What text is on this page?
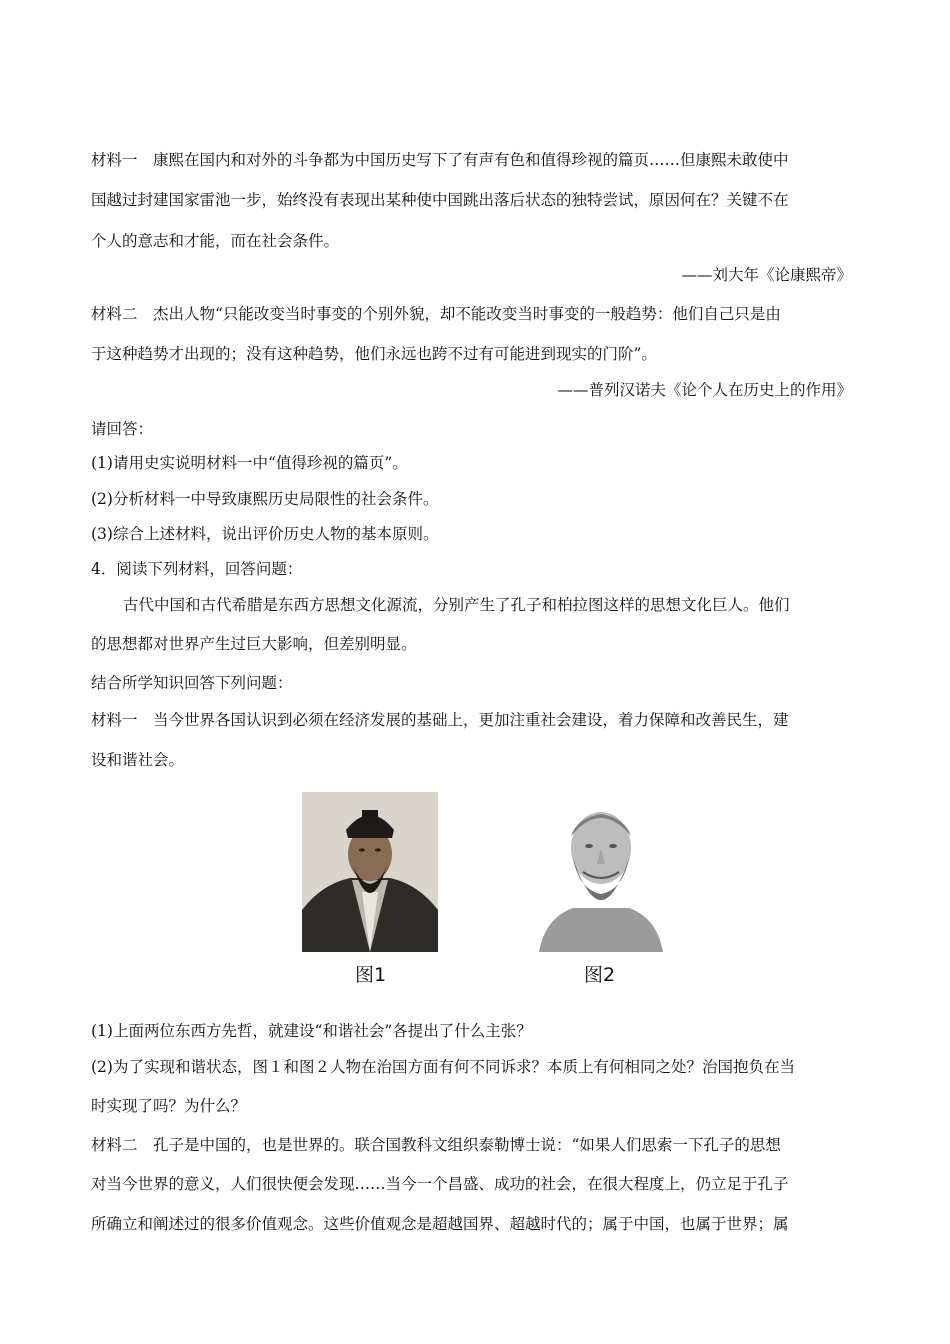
材料一　康熙在国内和对外的斗争都为中国历史写下了有声有色和值得珍视的篇页……但康熙未敢使中
国越过封建国家雷池一步，始终没有表现出某种使中国跳出落后状态的独特尝试，原因何在？关键不在
个人的意志和才能，而在社会条件。
——刘大年《论康熙帝》
材料二　杰出人物“只能改变当时事变的个别外貌，却不能改变当时事变的一般趋势：他们自己只是由
于这种趋势才出现的；没有这种趋势，他们永远也跨不过有可能进到现实的门阶”。
——普列汉诺夫《论个人在历史上的作用》
请回答：
(1)请用史实说明材料一中“值得珍视的篇页”。
(2)分析材料一中导致康熙历史局限性的社会条件。
(3)综合上述材料，说出评价历史人物的基本原则。
4．阅读下列材料，回答问题：
古代中国和古代希腊是东西方思想文化源流，分别产生了孔子和柏拉图这样的思想文化巨人。他们
的思想都对世界产生过巨大影响，但差别明显。
结合所学知识回答下列问题：
材料一　当今世界各国认识到必须在经济发展的基础上，更加注重社会建设，着力保障和改善民生，建
设和谐社会。
图1	图2
(1)上面两位东西方先哲，就建设“和谐社会”各提出了什么主张？
(2)为了实现和谐状态，图１和图２人物在治国方面有何不同诉求？本质上有何相同之处？治国抱负在当
时实现了吗？为什么？
材料二　孔子是中国的，也是世界的。联合国教科文组织泰勒博士说：“如果人们思索一下孔子的思想
对当今世界的意义，人们很快便会发现……当今一个昌盛、成功的社会，在很大程度上，仍立足于孔子
所确立和阐述过的很多价值观念。这些价值观念是超越国界、超越时代的；属于中国，也属于世界；属
